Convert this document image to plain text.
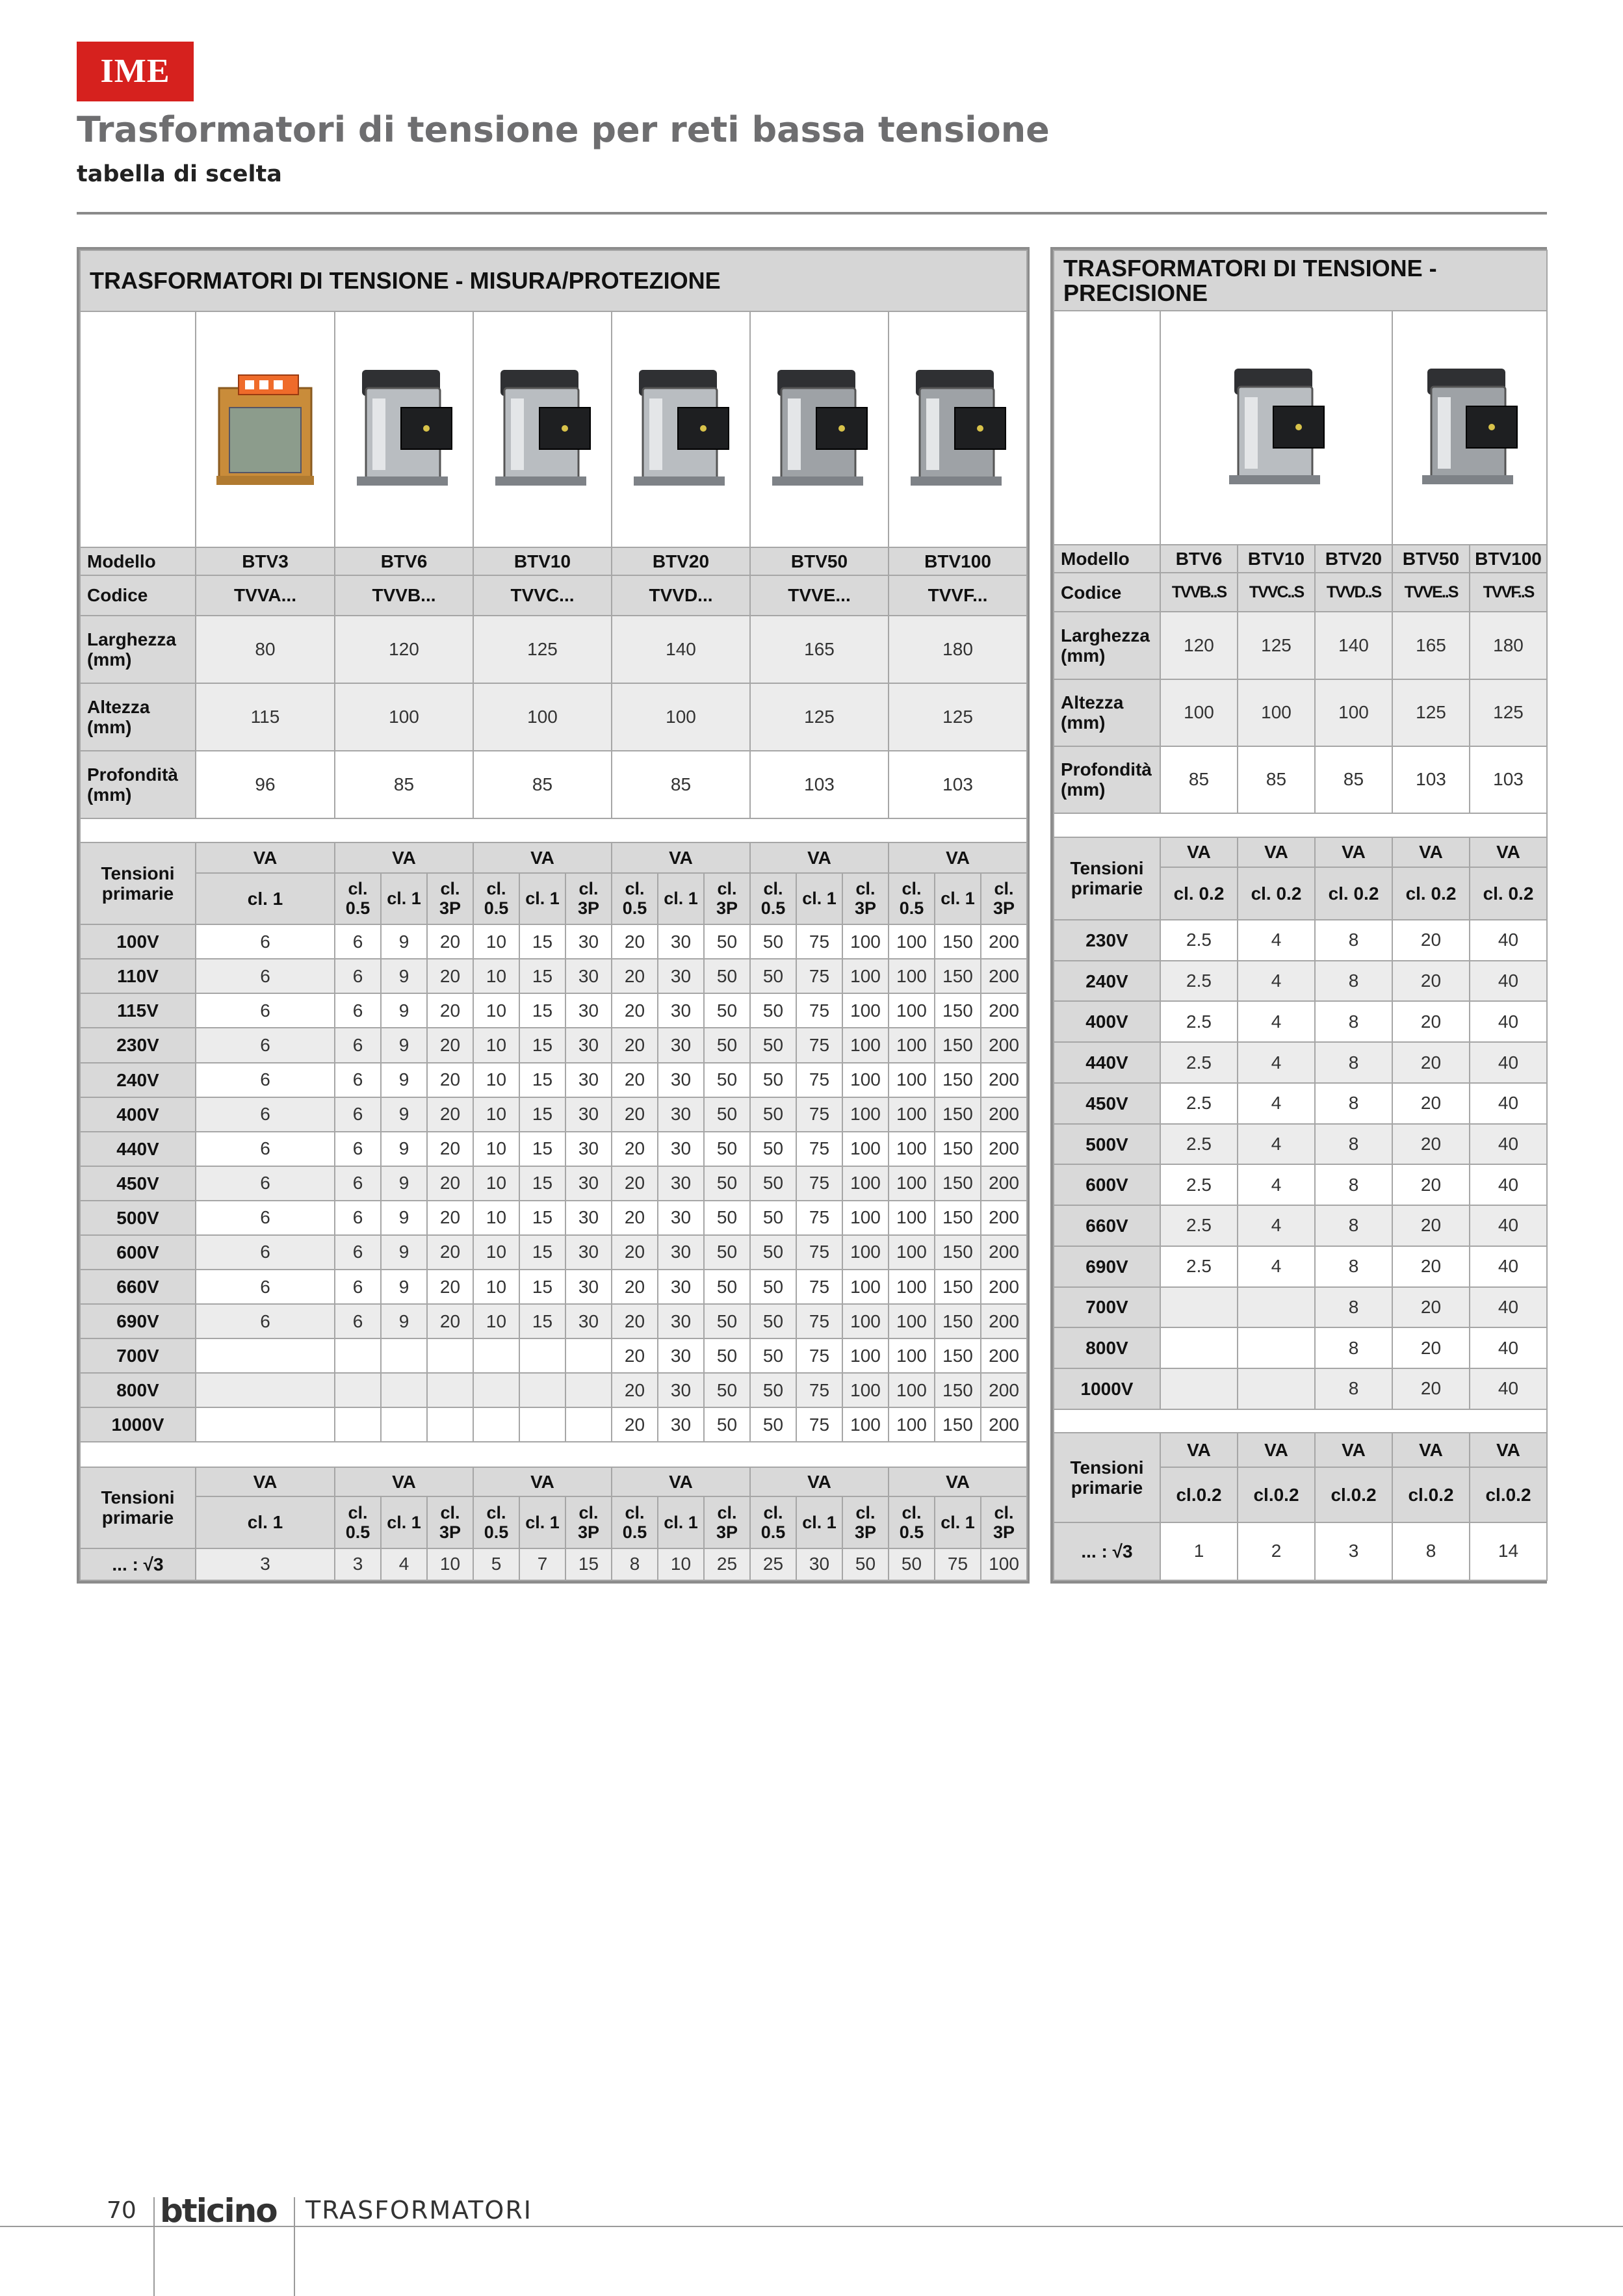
IME
Trasformatori di tensione per reti bassa tensione
tabella di scelta
TRASFORMATORI DI TENSIONE - MISURA/PROTEZIONE																

Modello	BTV3	BTV6			BTV10			BTV20			BTV50			BTV100		
Codice	TVVA...	TVVB...			TVVC...			TVVD...			TVVE...			TVVF...		
Larghezza (mm)	80	120			125			140			165			180		
Altezza (mm)	115	100			100			100			125			125		
Profondità (mm)	96	85			85			85			103			103		

Tensioni primarie	VA	VA			VA			VA			VA			VA		
	cl. 1	cl. 0.5	cl. 1	cl. 3P	cl. 0.5	cl. 1	cl. 3P	cl. 0.5	cl. 1	cl. 3P	cl. 0.5	cl. 1	cl. 3P	cl. 0.5	cl. 1	cl. 3P
100V	6	6	9	20	10	15	30	20	30	50	50	75	100	100	150	200
110V	6	6	9	20	10	15	30	20	30	50	50	75	100	100	150	200
115V	6	6	9	20	10	15	30	20	30	50	50	75	100	100	150	200
230V	6	6	9	20	10	15	30	20	30	50	50	75	100	100	150	200
240V	6	6	9	20	10	15	30	20	30	50	50	75	100	100	150	200
400V	6	6	9	20	10	15	30	20	30	50	50	75	100	100	150	200
440V	6	6	9	20	10	15	30	20	30	50	50	75	100	100	150	200
450V	6	6	9	20	10	15	30	20	30	50	50	75	100	100	150	200
500V	6	6	9	20	10	15	30	20	30	50	50	75	100	100	150	200
600V	6	6	9	20	10	15	30	20	30	50	50	75	100	100	150	200
660V	6	6	9	20	10	15	30	20	30	50	50	75	100	100	150	200
690V	6	6	9	20	10	15	30	20	30	50	50	75	100	100	150	200
700V								20	30	50	50	75	100	100	150	200
800V								20	30	50	50	75	100	100	150	200
1000V								20	30	50	50	75	100	100	150	200

Tensioni primarie	VA	VA			VA			VA			VA			VA		
	cl. 1	cl. 0.5	cl. 1	cl. 3P	cl. 0.5	cl. 1	cl. 3P	cl. 0.5	cl. 1	cl. 3P	cl. 0.5	cl. 1	cl. 3P	cl. 0.5	cl. 1	cl. 3P
... : √3	3	3	4	10	5	7	15	8	10	25	25	30	50	50	75	100
TRASFORMATORI DI TENSIONE - PRECISIONE					

Modello	BTV6	BTV10	BTV20	BTV50	BTV100
Codice	TVVB..S	TVVC..S	TVVD..S	TVVE..S	TVVF..S
Larghezza (mm)	120	125	140	165	180
Altezza (mm)	100	100	100	125	125
Profondità (mm)	85	85	85	103	103

Tensioni primarie	VA	VA	VA	VA	VA
	cl. 0.2	cl. 0.2	cl. 0.2	cl. 0.2	cl. 0.2
230V	2.5	4	8	20	40
240V	2.5	4	8	20	40
400V	2.5	4	8	20	40
440V	2.5	4	8	20	40
450V	2.5	4	8	20	40
500V	2.5	4	8	20	40
600V	2.5	4	8	20	40
660V	2.5	4	8	20	40
690V	2.5	4	8	20	40
700V			8	20	40
800V			8	20	40
1000V			8	20	40

Tensioni primarie	VA	VA	VA	VA	VA
	cl.0.2	cl.0.2	cl.0.2	cl.0.2	cl.0.2
... : √3	1	2	3	8	14
70 bticino TRASFORMATORI
